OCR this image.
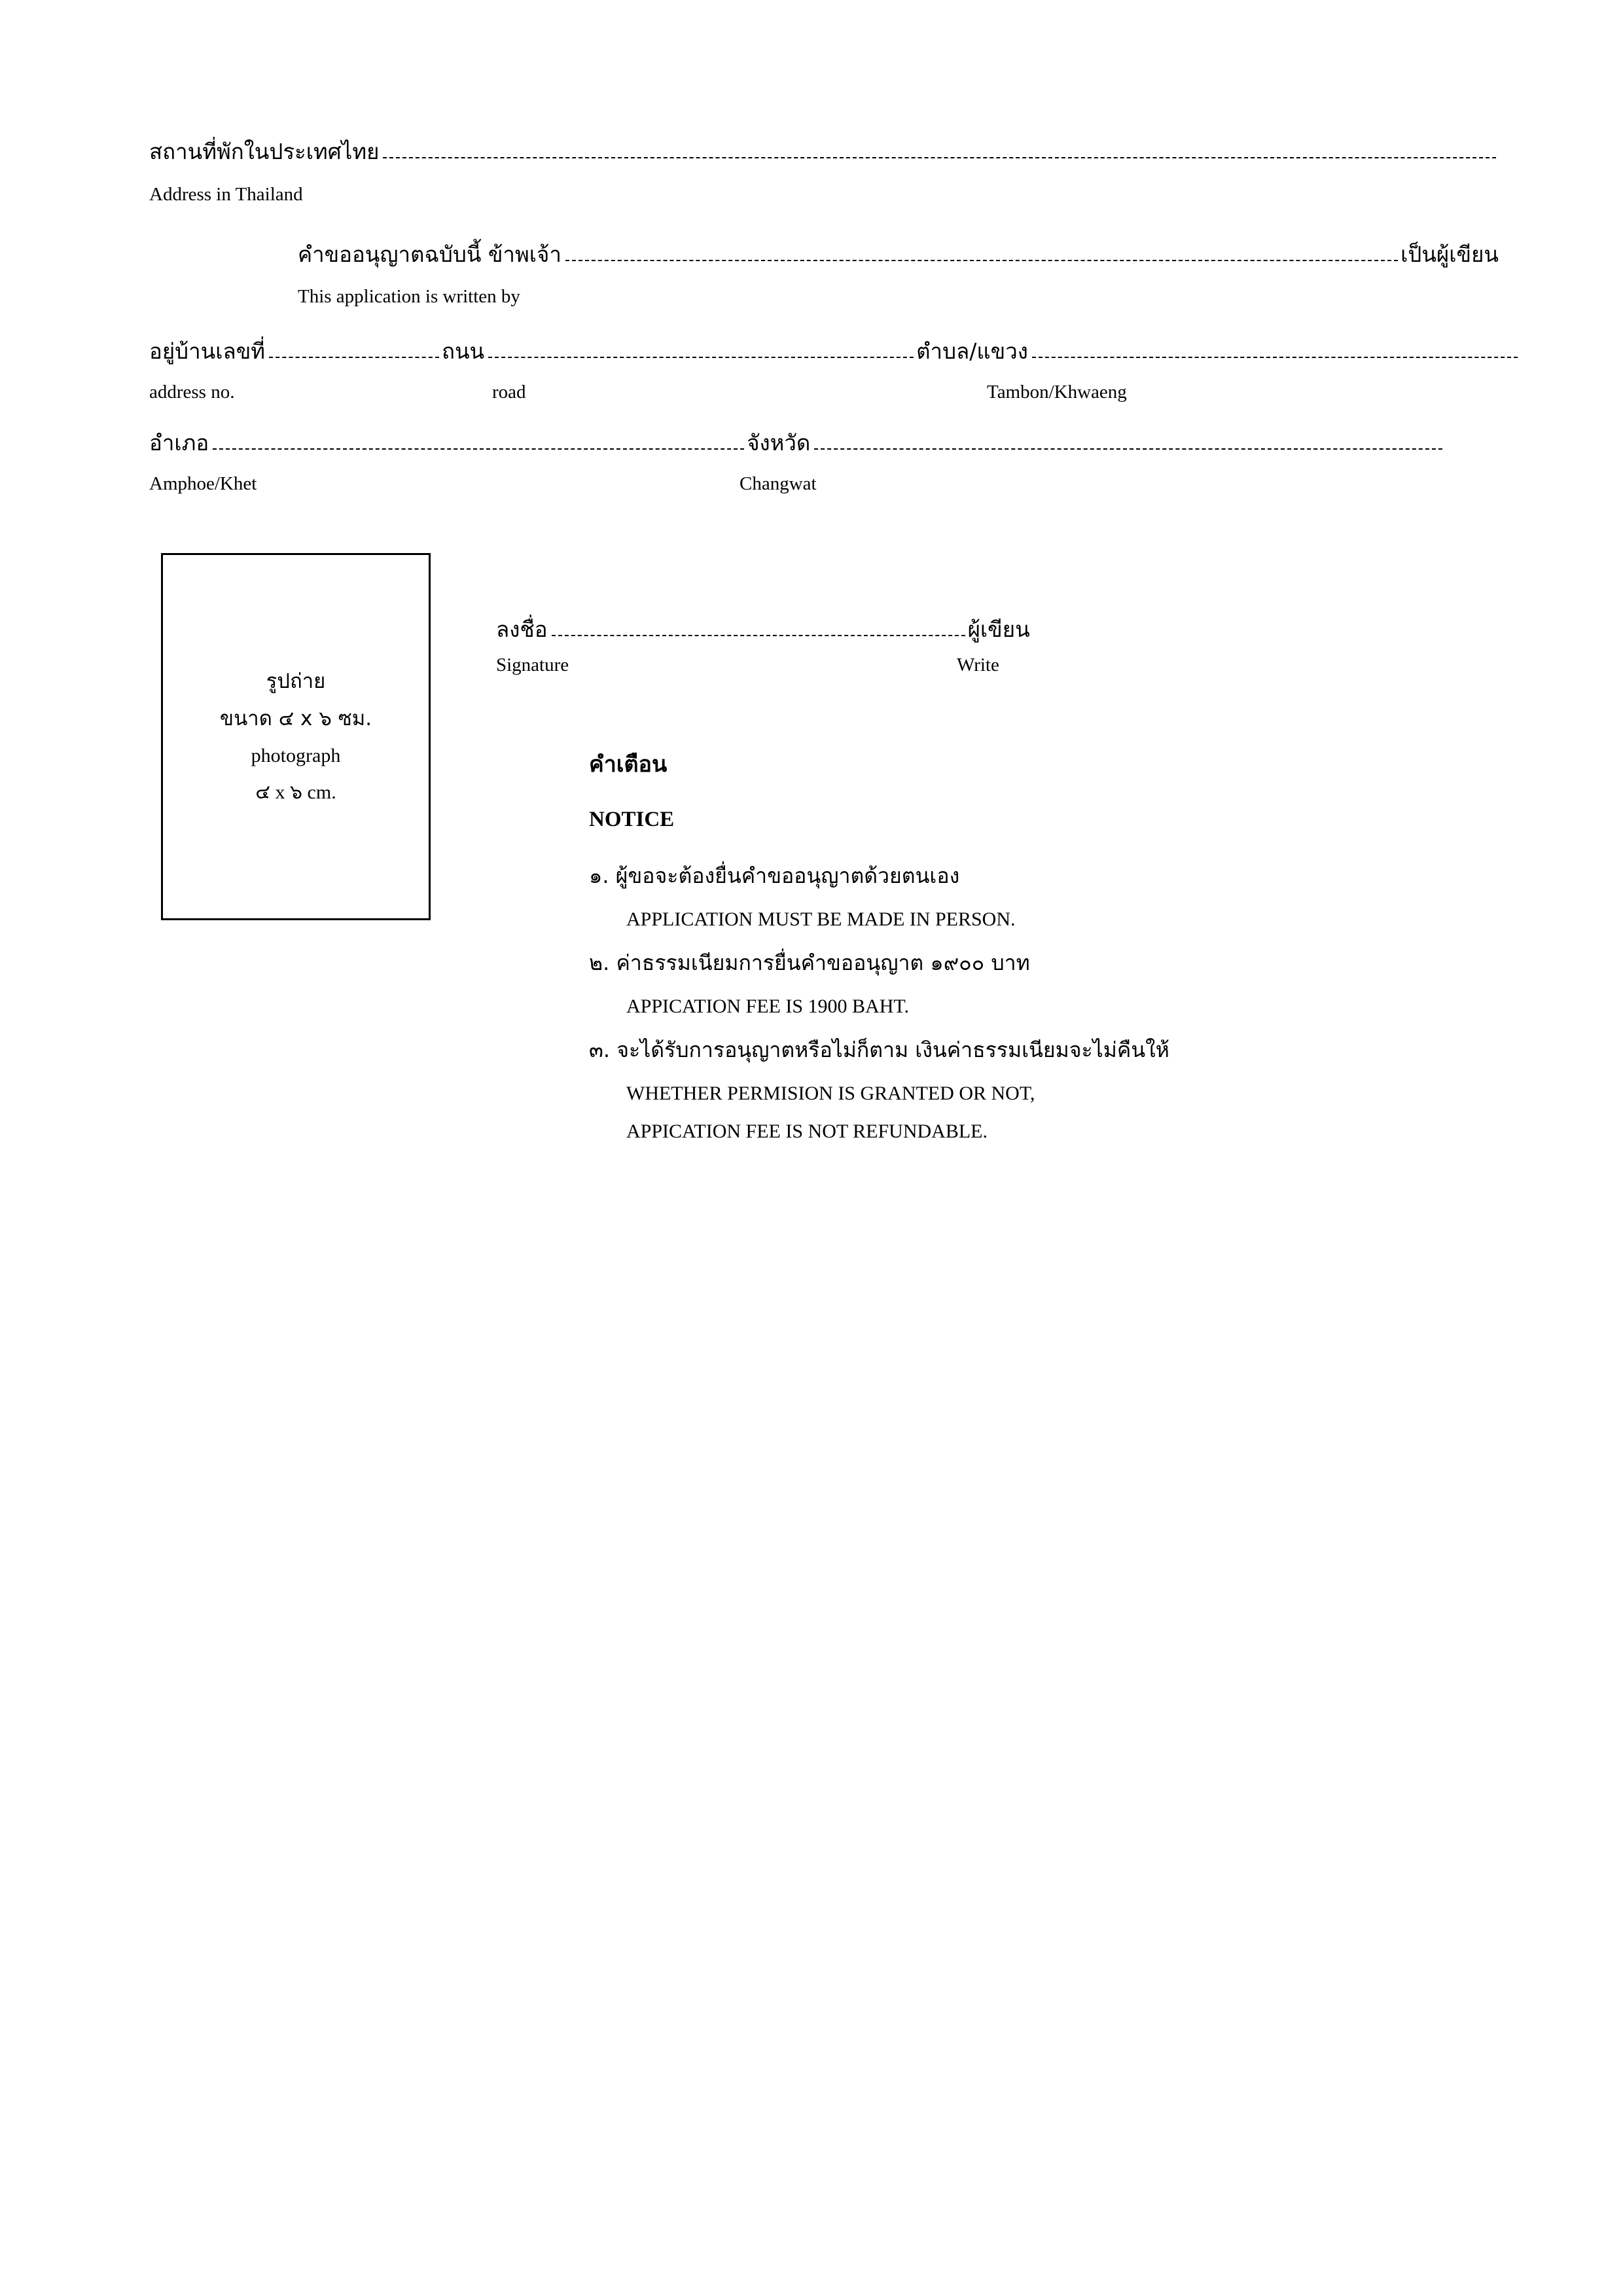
สถานที่พักในประเทศไทย
Address in Thailand
คำขออนุญาตฉบับนี้ ข้าพเจ้า	เป็นผู้เขียน
This application is written by
อยู่บ้านเลขที่	ถนน	ตำบล/แขวง
address no.	road	Tambon/Khwaeng
อำเภอ	จังหวัด
Amphoe/Khet	Changwat
รูปถ่าย
ขนาด ๔ x ๖ ซม.
photograph
๔ x ๖ cm.
ลงชื่อ	ผู้เขียน
Signature	Write
คำเตือน
NOTICE
๑. ผู้ขอจะต้องยื่นคำขออนุญาตด้วยตนเอง
APPLICATION MUST BE MADE IN PERSON.
๒. ค่าธรรมเนียมการยื่นคำขออนุญาต ๑๙๐๐ บาท
APPICATION FEE IS 1900 BAHT.
๓. จะได้รับการอนุญาตหรือไม่ก็ตาม เงินค่าธรรมเนียมจะไม่คืนให้
WHETHER PERMISION IS GRANTED OR NOT,
APPICATION FEE IS NOT REFUNDABLE.
